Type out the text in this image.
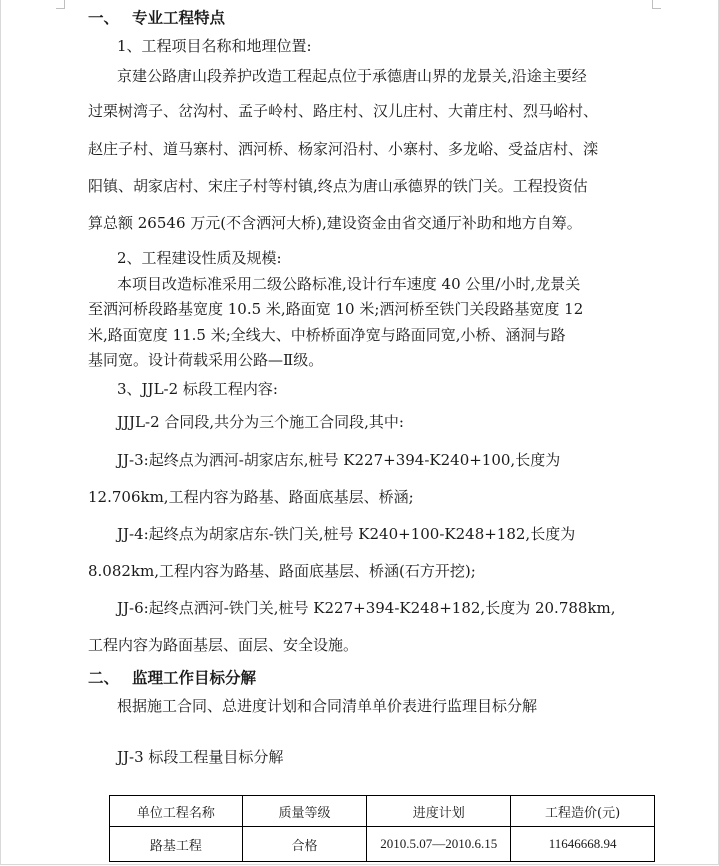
一、 专业工程特点
1、工程项目名称和地理位置:
京建公路唐山段养护改造工程起点位于承德唐山界的龙景关,沿途主要经
过栗树湾子、岔沟村、孟子岭村、路庄村、汉儿庄村、大莆庄村、烈马峪村、
赵庄子村、道马寨村、洒河桥、杨家河沿村、小寨村、多龙峪、受益店村、滦
阳镇、胡家店村、宋庄子村等村镇,终点为唐山承德界的铁门关。工程投资估
算总额 26546 万元(不含洒河大桥),建设资金由省交通厅补助和地方自筹。
2、工程建设性质及规模:
本项目改造标准采用二级公路标准,设计行车速度 40 公里/小时,龙景关
至洒河桥段路基宽度 10.5 米,路面宽 10 米;洒河桥至铁门关段路基宽度 12
米,路面宽度 11.5 米;全线大、中桥桥面净宽与路面同宽,小桥、涵洞与路
基同宽。设计荷载采用公路—Ⅱ级。
3、JJL-2 标段工程内容:
JJJL-2 合同段,共分为三个施工合同段,其中:
JJ-3:起终点为洒河-胡家店东,桩号 K227+394-K240+100,长度为
12.706km,工程内容为路基、路面底基层、桥涵;
JJ-4:起终点为胡家店东-铁门关,桩号 K240+100-K248+182,长度为
8.082km,工程内容为路基、路面底基层、桥涵(石方开挖);
JJ-6:起终点洒河-铁门关,桩号 K227+394-K248+182,长度为 20.788km,
工程内容为路面基层、面层、安全设施。
二、 监理工作目标分解
根据施工合同、总进度计划和合同清单单价表进行监理目标分解
JJ-3 标段工程量目标分解
单位工程名称	质量等级	进度计划	工程造价(元)
路基工程	合格	2010.5.07—2010.6.15	11646668.94
